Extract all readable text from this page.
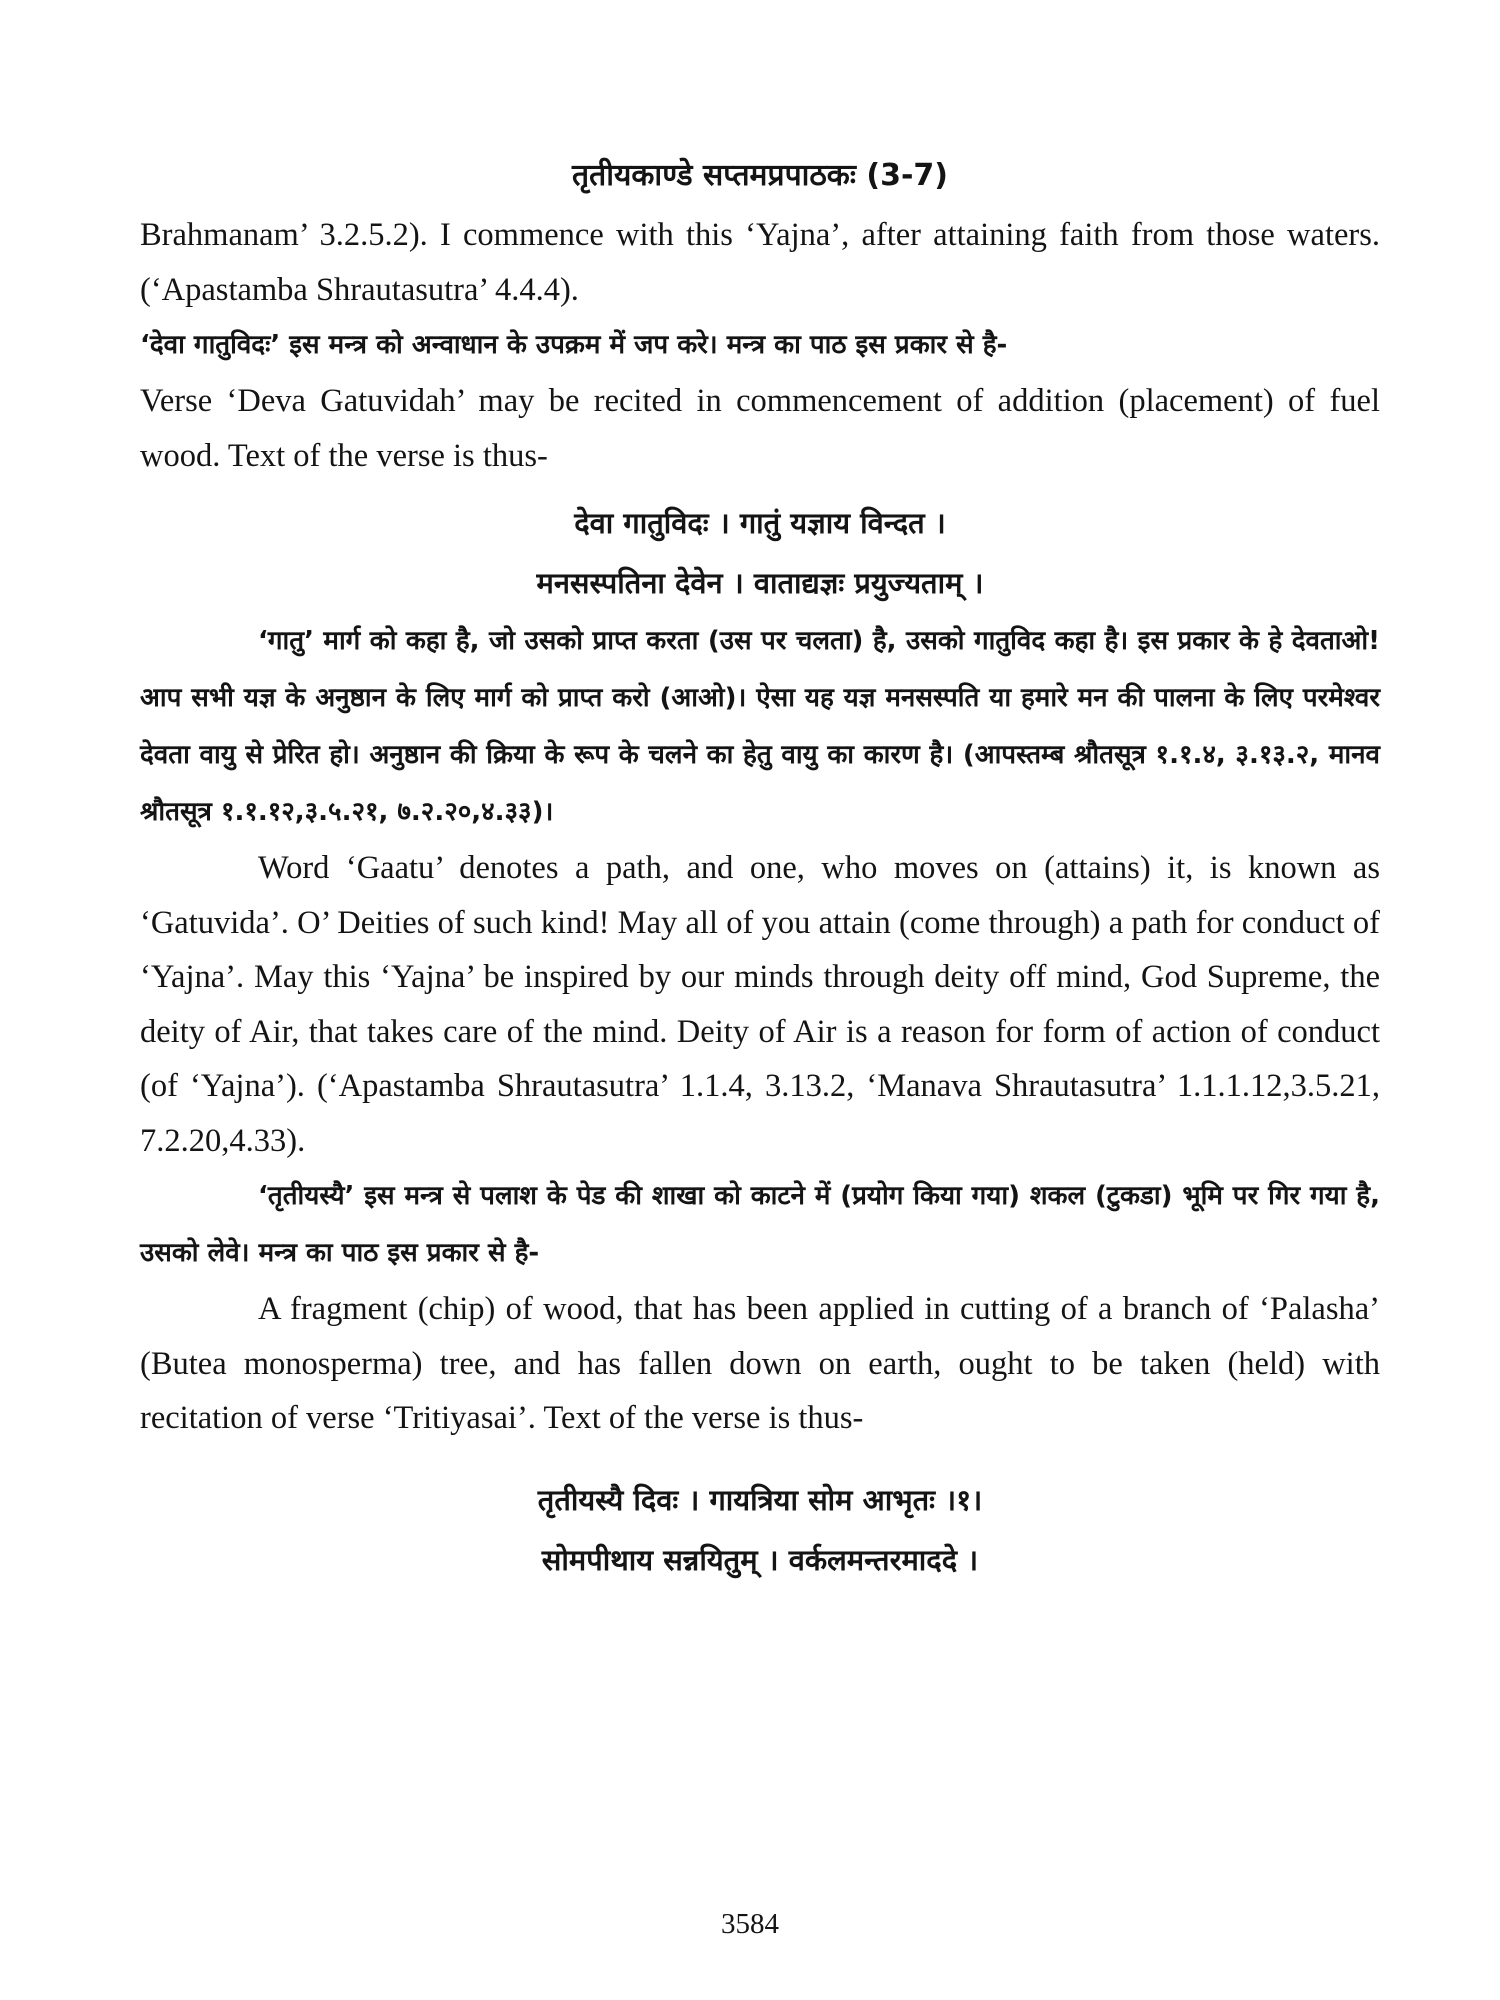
तृतीयकाण्डे सप्तमप्रपाठकः (3-7)

Brahmanam’ 3.2.5.2). I commence with this ‘Yajna’, after attaining faith from those waters. (‘Apastamba Shrautasutra’ 4.4.4).

‘देवा गातुविदः’ इस मन्त्र को अन्वाधान के उपक्रम में जप करे। मन्त्र का पाठ इस प्रकार से है-

Verse ‘Deva Gatuvidah’ may be recited in commencement of addition (placement) of fuel wood. Text of the verse is thus-

देवा गातुविदः । गातुं यज्ञाय विन्दत ।
मनसस्पतिना देवेन । वाताद्यज्ञः प्रयुज्यताम् ।

‘गातु’ मार्ग को कहा है, जो उसको प्राप्त करता (उस पर चलता) है, उसको गातुविद कहा है। इस प्रकार के हे देवताओ! आप सभी यज्ञ के अनुष्ठान के लिए मार्ग को प्राप्त करो (आओ)। ऐसा यह यज्ञ मनसस्पति या हमारे मन की पालना के लिए परमेश्वर देवता वायु से प्रेरित हो। अनुष्ठान की क्रिया के रूप के चलने का हेतु वायु का कारण है। (आपस्तम्ब श्रौतसूत्र १.१.४, ३.१३.२, मानव श्रौतसूत्र १.१.१२,३.५.२१, ७.२.२०,४.३३)।

Word ‘Gaatu’ denotes a path, and one, who moves on (attains) it, is known as ‘Gatuvida’. O’ Deities of such kind! May all of you attain (come through) a path for conduct of ‘Yajna’. May this ‘Yajna’ be inspired by our minds through deity off mind, God Supreme, the deity of Air, that takes care of the mind. Deity of Air is a reason for form of action of conduct (of ‘Yajna’). (‘Apastamba Shrautasutra’ 1.1.4, 3.13.2, ‘Manava Shrautasutra’ 1.1.1.12,3.5.21, 7.2.20,4.33).

‘तृतीयस्यै’ इस मन्त्र से पलाश के पेड की शाखा को काटने में (प्रयोग किया गया) शकल (टुकडा) भूमि पर गिर गया है, उसको लेवे। मन्त्र का पाठ इस प्रकार से है-

A fragment (chip) of wood, that has been applied in cutting of a branch of ‘Palasha’ (Butea monosperma) tree, and has fallen down on earth, ought to be taken (held) with recitation of verse ‘Tritiyasai’. Text of the verse is thus-

तृतीयस्यै दिवः । गायत्रिया सोम आभृतः ।१।
सोमपीथाय सन्नयितुम् । वर्कलमन्तरमाददे ।
3584
